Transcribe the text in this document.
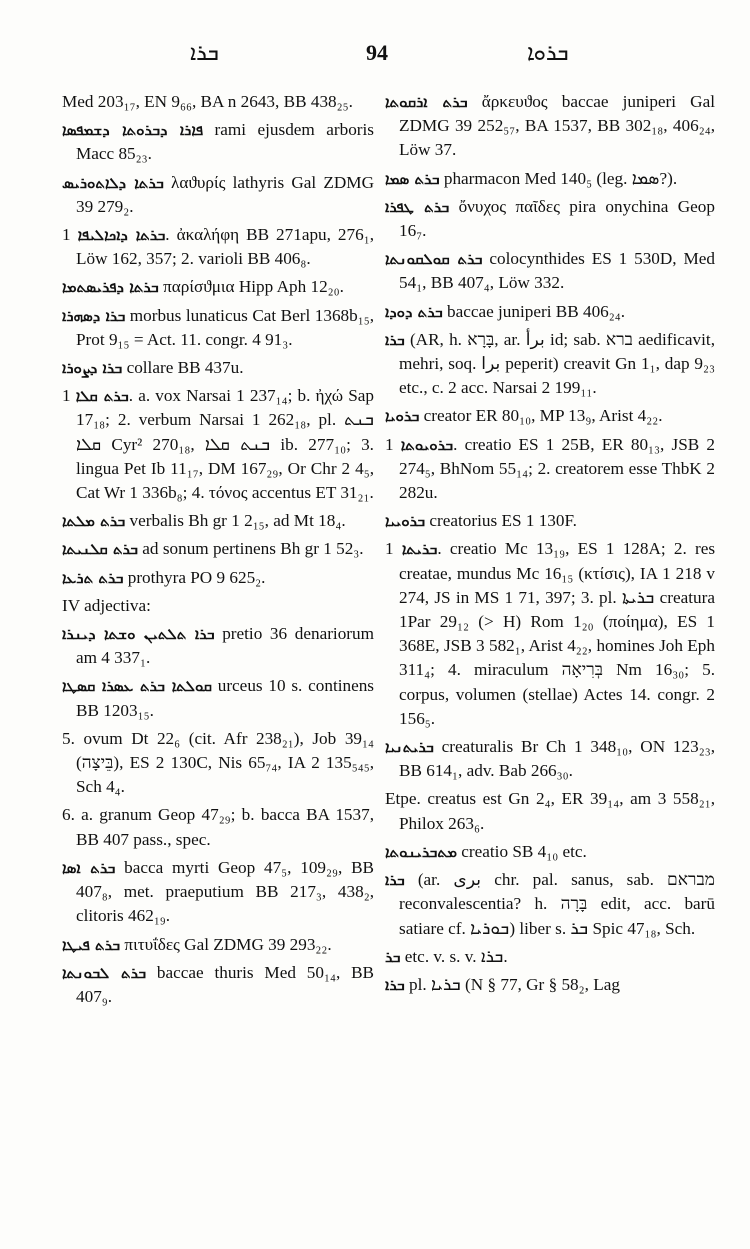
ܒܪܐ	94	ܒܪܘܐ
Med 203₁₇, EN 9₆₆, BA n 2643, BB 438₂₅.
ܦܐܪܐ ܕܒܪܘܬܐ ܕܫܡܦܣܐ rami ejusdem arboris Macc 85₂₃.
ܒܪܬܐ ܕܠܐܬܘܪܝܣ λαϑυρίς lathyris Gal ZDMG 39 279₂.
ܒܪܬܐ ܕܐܟܐܠܝܦܐ 1. ἀκαλήφη BB 271apu, 276₁, Löw 162, 357; 2. varioli BB 406₈.
ܒܪܬܐ ܕܦܪܝܣܬܡܐ παρίσϑμια Hipp Aph 12₂₀.
ܒܪܐ ܕܣܗܪܐ morbus lunaticus Cat Berl 1368b₁₅, Prot 9₁₅ = Act. 11. congr. 4 91₃.
ܒܪܐ ܕܨܘܪܐ collare BB 437u.
ܒܪܬ ܩܠܐ 1. a. vox Narsai 1 237₁₄; b. ἠχώ Sap 17₁₈; 2. verbum Narsai 1 262₁₈, pl. ܒܢܬ ܩܠܐ Cyr² 270₁₈, ܒܢܬ ܩܠܐ ib. 277₁₀; 3. lingua Pet Ib 11₁₇, DM 167₂₉, Or Chr 2 4₅, Cat Wr 1 336b₈; 4. τόνος accentus ET 31₂₁.
ܒܪܬ ܡܠܬܐ verbalis Bh gr 1 2₁₅, ad Mt 18₄.
ܒܪܬ ܩܠܢܝܬܐ ad sonum pertinens Bh gr 1 52₃.
ܒܪܬ ܬܪܥܐ prothyra PO 9 625₂.
IV adjectiva:
ܒܪܐ ܬܠܬܝܢ ܘܫܬܐ ܕܝܢܪܐ pretio 36 denariorum am 4 337₁.
ܩܘܠܬܐ ܒܪܬ ܥܣܪܐ ܩܣܛܐ urceus 10 s. continens BB 1203₁₅.
5. ovum Dt 22₆ (cit. Afr 238₂₁), Job 39₁₄ (בֵּיצָה), ES 2 130C, Nis 65₇₄, IA 2 135₅₄₅, Sch 4₄.
6. a. granum Geop 47₂₉; b. bacca BA 1537, BB 407 pass., spec.
ܒܪܬ ܐܣܐ bacca myrti Geop 47₅, 109₂₉, BB 407₈, met. praeputium BB 217₃, 438₂, clitoris 462₁₉.
ܒܪܬ ܦܝܛܐ πιτυΐδες Gal ZDMG 39 293₂₂.
ܒܪܬ ܠܒܘܢܬܐ baccae thuris Med 50₁₄, BB 407₉.
ܒܪܬ ܐܪܩܘܬܐ ἄρκευϑος baccae juniperi Gal ZDMG 39 252₅₇, BA 1537, BB 302₁₈, 406₂₄, Löw 37.
ܒܪܬ ܣܡܐ pharmacon Med 140₅ (leg. ܣܡܐ?).
ܒܪܬ ܛܦܪܐ ὄνυχος παῖδες pira onychina Geop 16₇.
ܒܪܬ ܩܘܠܩܘܢܬܐ colocynthides ES 1 530D, Med 54₁, BB 407₄, Löw 332.
ܒܪܬ ܕܘܕܐ baccae juniperi BB 406₂₄.
ܒܪܐ (AR, h. בָּרָא, ar. برأ id; sab. ברא aedificavit, mehri, soq. برا peperit) creavit Gn 1₁, dap 9₂₃ etc., c. 2 acc. Narsai 2 199₁₁.
ܒܪܘܝܐ creator ER 80₁₀, MP 13₉, Arist 4₂₂.
ܒܪܘܝܘܬܐ 1. creatio ES 1 25B, ER 80₁₃, JSB 2 274₅, BhNom 55₁₄; 2. creatorem esse ThbK 2 282u.
ܒܪܘܝܝܐ creatorius ES 1 130F.
ܒܪܝܬܐ 1. creatio Mc 13₁₉, ES 1 128A; 2. res creatae, mundus Mc 16₁₅ (κτίσις), IA 1 218 v 274, JS in MS 1 71, 397; 3. pl. ܒܪܝܬܐ creatura 1Par 29₁₂ (> H) Rom 1₂₀ (ποίημα), ES 1 368E, JSB 3 582₁, Arist 4₂₂, homines Joh Eph 311₄; 4. miraculum בְּרִיאָה Nm 16₃₀; 5. corpus, volumen (stellae) Actes 14. congr. 2 156₅.
ܒܪܝܬܢܝܐ creaturalis Br Ch 1 348₁₀, ON 123₂₃, BB 614₁, adv. Bab 266₃₀.
Etpe. creatus est Gn 2₄, ER 39₁₄, am 3 558₂₁, Philox 263₆.
ܡܬܒܪܝܢܘܬܐ creatio SB 4₁₀ etc.
ܒܪܐ (ar. برى chr. pal. sanus, sab. מבראם reconvalescentia? h. בָּרָה edit, acc. barū satiare cf. ܒܘܪܝܐ) liber s. ܒܪ Spic 47₁₈, Sch.
ܒܪ etc. v. s. v. ܒܪܐ.
ܒܪܐ pl. ܒܪܝܐ (N § 77, Gr § 58₂, Lag
